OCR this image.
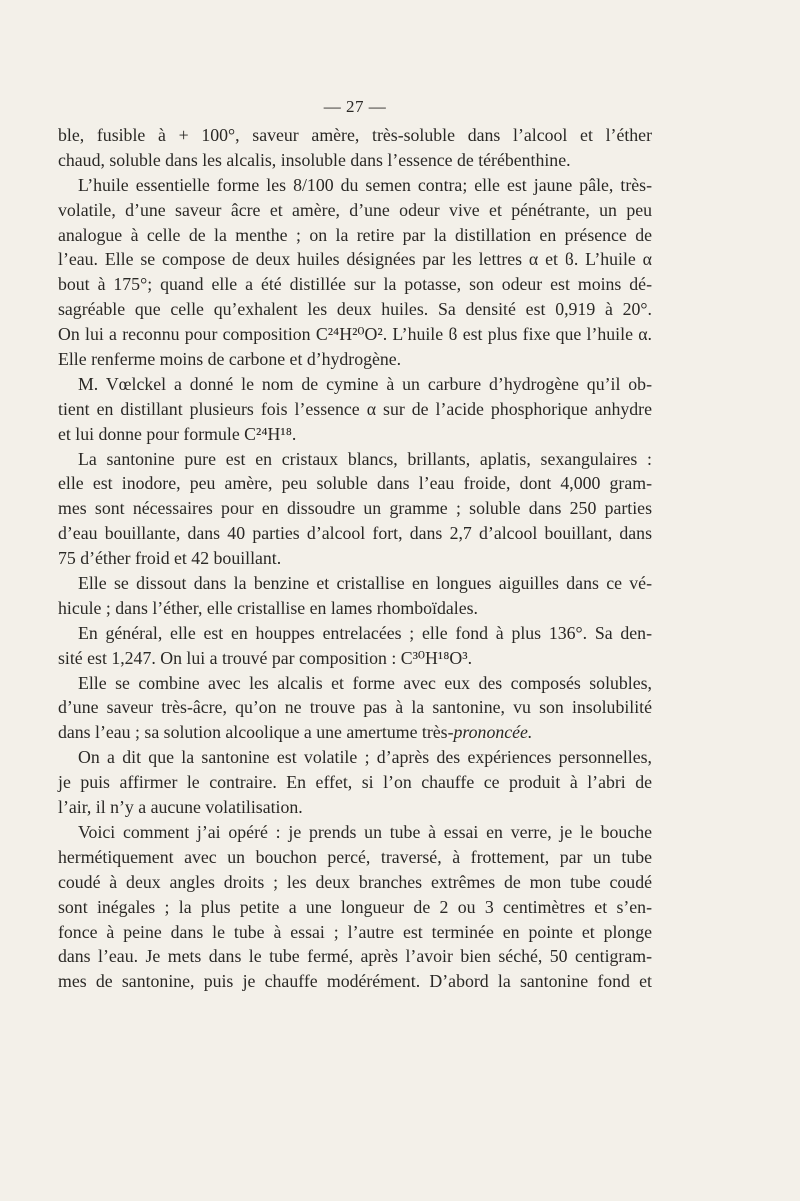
— 27 —
ble, fusible à + 100°, saveur amère, très-soluble dans l’alcool et l’éther
chaud, soluble dans les alcalis, insoluble dans l’essence de térébenthine.
L’huile essentielle forme les 8/100 du semen contra; elle est jaune pâle, très-
volatile, d’une saveur âcre et amère, d’une odeur vive et pénétrante, un peu
analogue à celle de la menthe ; on la retire par la distillation en présence de
l’eau. Elle se compose de deux huiles désignées par les lettres α et ϐ. L’huile α
bout à 175°; quand elle a été distillée sur la potasse, son odeur est moins dé-
sagréable que celle qu’exhalent les deux huiles. Sa densité est 0,919 à 20°.
On lui a reconnu pour composition C²⁴H²⁰O². L’huile ϐ est plus fixe que l’huile α.
Elle renferme moins de carbone et d’hydrogène.
M. Vœlckel a donné le nom de cymine à un carbure d’hydrogène qu’il ob-
tient en distillant plusieurs fois l’essence α sur de l’acide phosphorique anhydre
et lui donne pour formule C²⁴H¹⁸.
La santonine pure est en cristaux blancs, brillants, aplatis, sexangulaires :
elle est inodore, peu amère, peu soluble dans l’eau froide, dont 4,000 gram-
mes sont nécessaires pour en dissoudre un gramme ; soluble dans 250 parties
d’eau bouillante, dans 40 parties d’alcool fort, dans 2,7 d’alcool bouillant, dans
75 d’éther froid et 42 bouillant.
Elle se dissout dans la benzine et cristallise en longues aiguilles dans ce vé-
hicule ; dans l’éther, elle cristallise en lames rhomboïdales.
En général, elle est en houppes entrelacées ; elle fond à plus 136°. Sa den-
sité est 1,247. On lui a trouvé par composition : C³⁰H¹⁸O³.
Elle se combine avec les alcalis et forme avec eux des composés solubles,
d’une saveur très-âcre, qu’on ne trouve pas à la santonine, vu son insolubilité
dans l’eau ; sa solution alcoolique a une amertume très-prononcée.
On a dit que la santonine est volatile ; d’après des expériences personnelles,
je puis affirmer le contraire. En effet, si l’on chauffe ce produit à l’abri de
l’air, il n’y a aucune volatilisation.
Voici comment j’ai opéré : je prends un tube à essai en verre, je le bouche
hermétiquement avec un bouchon percé, traversé, à frottement, par un tube
coudé à deux angles droits ; les deux branches extrêmes de mon tube coudé
sont inégales ; la plus petite a une longueur de 2 ou 3 centimètres et s’en-
fonce à peine dans le tube à essai ; l’autre est terminée en pointe et plonge
dans l’eau. Je mets dans le tube fermé, après l’avoir bien séché, 50 centigram-
mes de santonine, puis je chauffe modérément. D’abord la santonine fond et
